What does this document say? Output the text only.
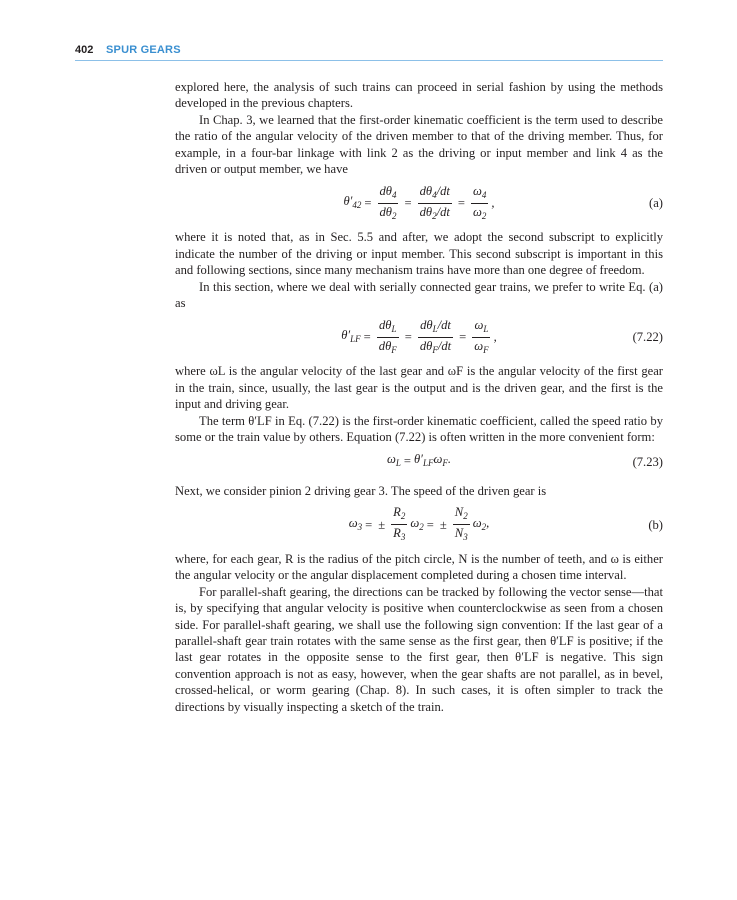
402 SPUR GEARS

explored here, the analysis of such trains can proceed in serial fashion by using the methods developed in the previous chapters.

In Chap. 3, we learned that the first-order kinematic coefficient is the term used to describe the ratio of the angular velocity of the driven member to that of the driving member. Thus, for example, in a four-bar linkage with link 2 as the driving or input member and link 4 as the driven or output member, we have

$\theta'_{42} = \frac{d\theta_4}{d\theta_2} = \frac{d\theta_4/dt}{d\theta_2/dt} = \frac{\omega_4}{\omega_2}$ ,	(a)

where it is noted that, as in Sec. 5.5 and after, we adopt the second subscript to explicitly indicate the number of the driving or input member. This second subscript is important in this and following sections, since many mechanism trains have more than one degree of freedom.

In this section, where we deal with serially connected gear trains, we prefer to write Eq. (a) as

$\theta'_{LF} = \frac{d\theta_L}{d\theta_F} = \frac{d\theta_L/dt}{d\theta_F/dt} = \frac{\omega_L}{\omega_F}$ ,	(7.22)

where ωL is the angular velocity of the last gear and ωF is the angular velocity of the first gear in the train, since, usually, the last gear is the output and is the driven gear, and the first is the input and driving gear.

The term θ′LF in Eq. (7.22) is the first-order kinematic coefficient, called the speed ratio by some or the train value by others. Equation (7.22) is often written in the more convenient form:

$\omega_L = \theta'_{LF}\omega_F$.	(7.23)

Next, we consider pinion 2 driving gear 3. The speed of the driven gear is

$\omega_3$ = ± $\frac{R_2}{R_3} \omega_2$ = ± $\frac{N_2}{N_3} \omega_2$,	(b)

where, for each gear, R is the radius of the pitch circle, N is the number of teeth, and ω is either the angular velocity or the angular displacement completed during a chosen time interval.

For parallel-shaft gearing, the directions can be tracked by following the vector sense—that is, by specifying that angular velocity is positive when counterclockwise as seen from a chosen side. For parallel-shaft gearing, we shall use the following sign convention: If the last gear of a parallel-shaft gear train rotates with the same sense as the first gear, then θ′LF is positive; if the last gear rotates in the opposite sense to the first gear, then θ′LF is negative. This sign convention approach is not as easy, however, when the gear shafts are not parallel, as in bevel, crossed-helical, or worm gearing (Chap. 8). In such cases, it is often simpler to track the directions by visually inspecting a sketch of the train.
